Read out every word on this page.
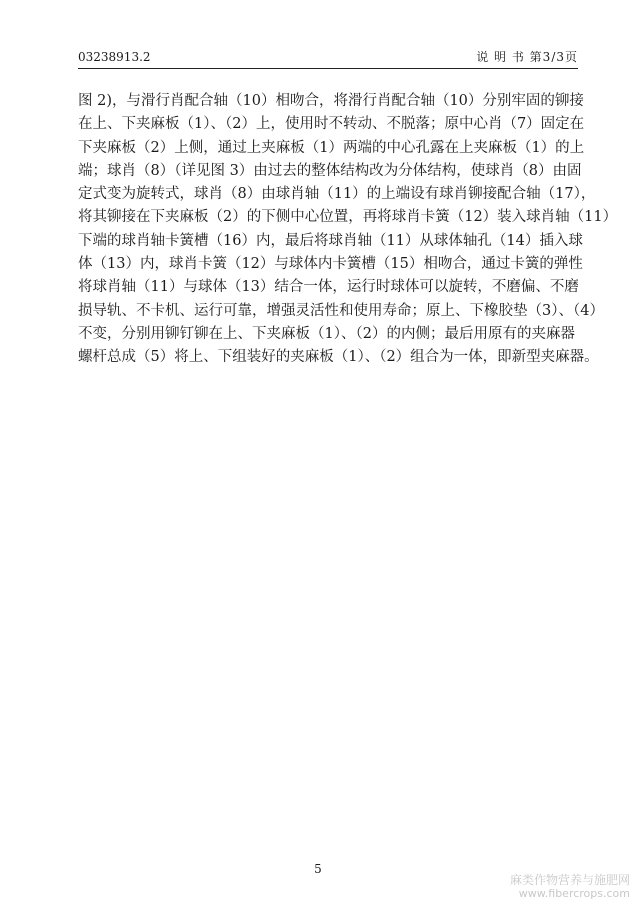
03238913.2	说 明 书 第3/3页
图 2)，与滑行肖配合轴（10）相吻合，将滑行肖配合轴（10）分别牢固的铆接
在上、下夹麻板（1）、（2）上，使用时不转动、不脱落；原中心肖（7）固定在
下夹麻板（2）上侧，通过上夹麻板（1）两端的中心孔露在上夹麻板（1）的上
端；球肖（8）（详见图 3）由过去的整体结构改为分体结构，使球肖（8）由固
定式变为旋转式，球肖（8）由球肖轴（11）的上端设有球肖铆接配合轴（17），
将其铆接在下夹麻板（2）的下侧中心位置，再将球肖卡簧（12）装入球肖轴（11）
下端的球肖轴卡簧槽（16）内，最后将球肖轴（11）从球体轴孔（14）插入球
体（13）内，球肖卡簧（12）与球体内卡簧槽（15）相吻合，通过卡簧的弹性
将球肖轴（11）与球体（13）结合一体，运行时球体可以旋转，不磨偏、不磨
损导轨、不卡机、运行可靠，增强灵活性和使用寿命；原上、下橡胶垫（3）、（4）
不变，分别用铆钉铆在上、下夹麻板（1）、（2）的内侧；最后用原有的夹麻器
螺杆总成（5）将上、下组装好的夹麻板（1）、（2）组合为一体，即新型夹麻器。
5
麻类作物营养与施肥网
www.fibercrops.com
